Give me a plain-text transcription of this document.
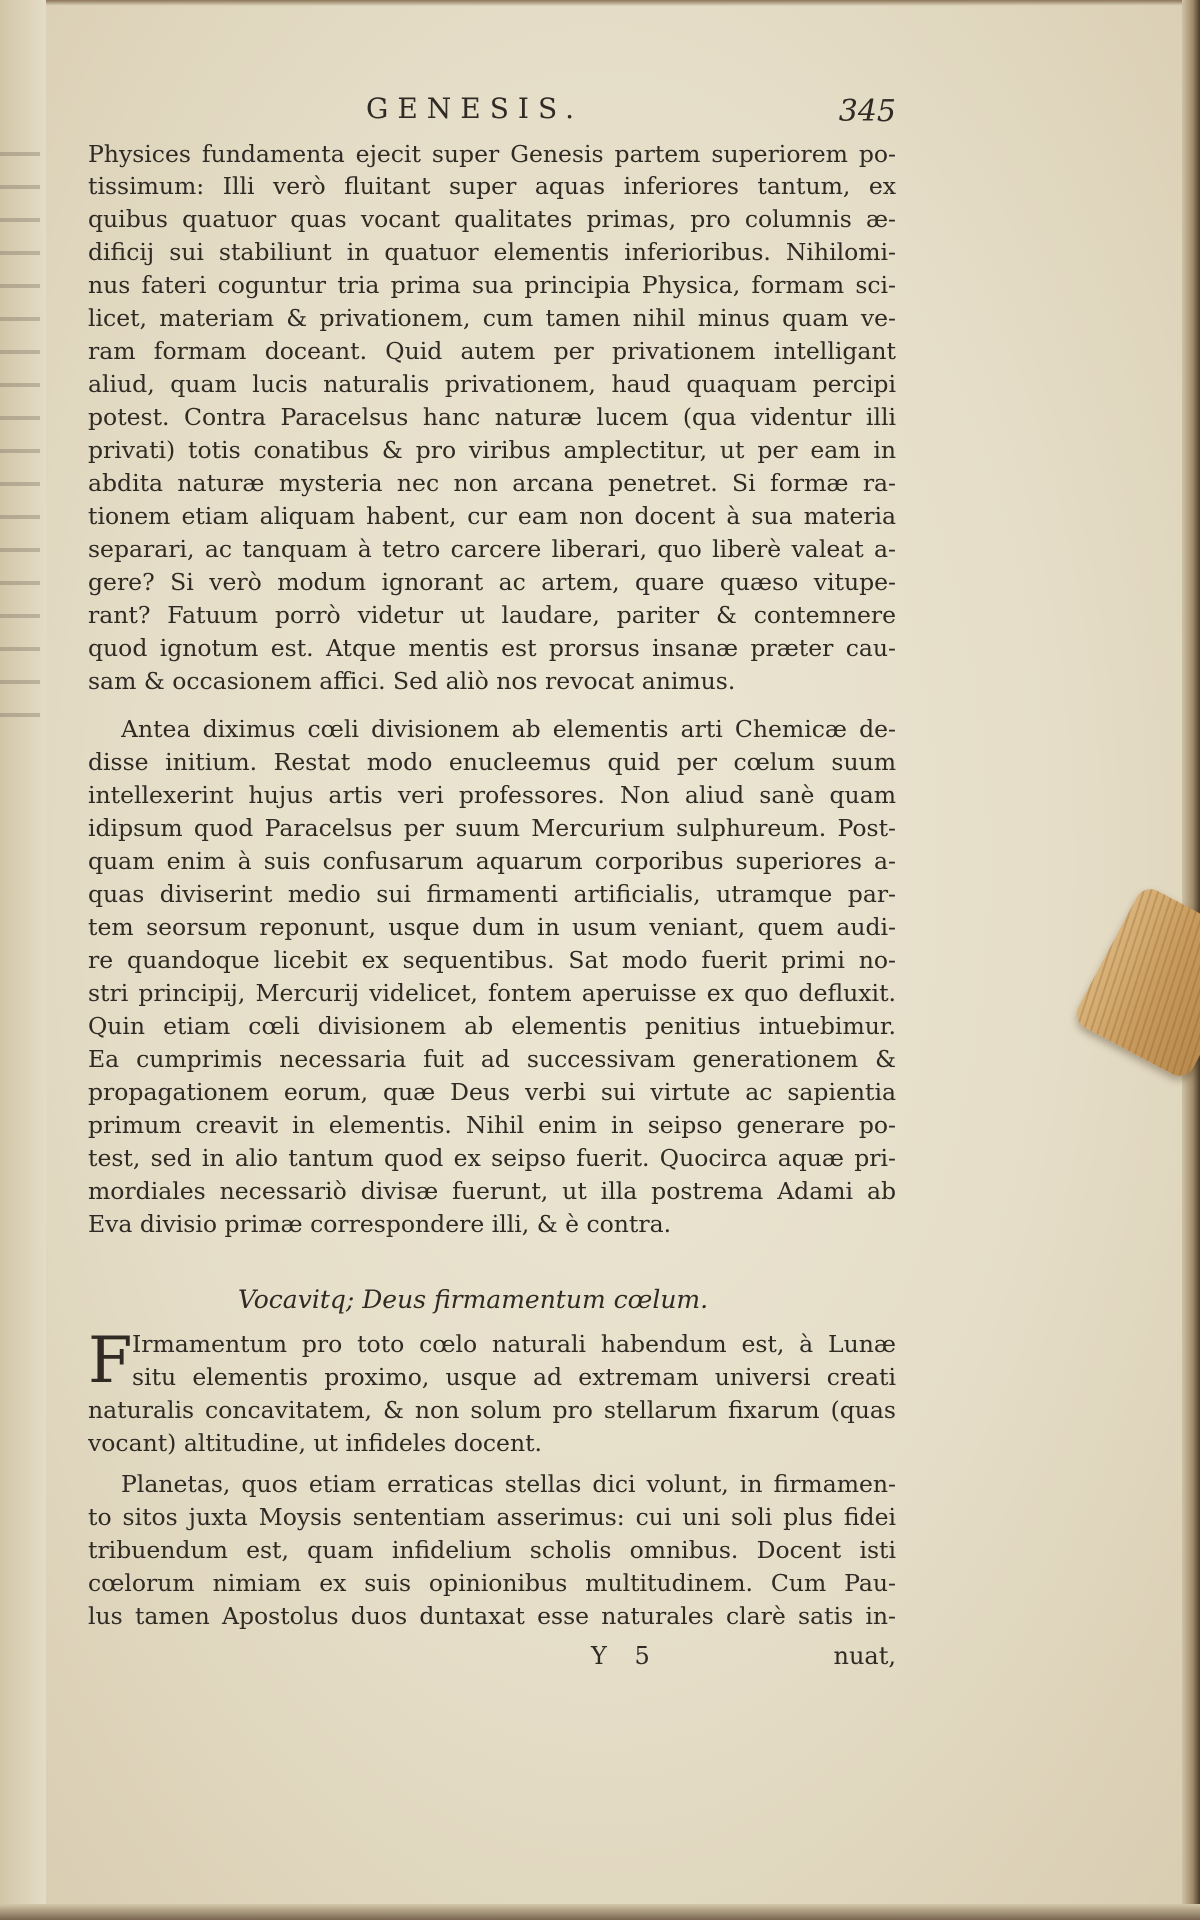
GENESIS.	345
Physices fundamenta ejecit super Genesis partem superiorem po-
tissimum: Illi verò fluitant super aquas inferiores tantum, ex
quibus quatuor quas vocant qualitates primas, pro columnis æ-
dificij sui stabiliunt in quatuor elementis inferioribus. Nihilomi-
nus fateri coguntur tria prima sua principia Physica, formam sci-
licet, materiam & privationem, cum tamen nihil minus quam ve-
ram formam doceant. Quid autem per privationem intelligant
aliud, quam lucis naturalis privationem, haud quaquam percipi
potest. Contra Paracelsus hanc naturæ lucem (qua videntur illi
privati) totis conatibus & pro viribus amplectitur, ut per eam in
abdita naturæ mysteria nec non arcana penetret. Si formæ ra-
tionem etiam aliquam habent, cur eam non docent à sua materia
separari, ac tanquam à tetro carcere liberari, quo liberè valeat a-
gere? Si verò modum ignorant ac artem, quare quæso vitupe-
rant? Fatuum porrò videtur ut laudare, pariter & contemnere
quod ignotum est. Atque mentis est prorsus insanæ præter cau-
sam & occasionem affici. Sed aliò nos revocat animus.
Antea diximus cœli divisionem ab elementis arti Chemicæ de-
disse initium. Restat modo enucleemus quid per cœlum suum
intellexerint hujus artis veri professores. Non aliud sanè quam
idipsum quod Paracelsus per suum Mercurium sulphureum. Post-
quam enim à suis confusarum aquarum corporibus superiores a-
quas diviserint medio sui firmamenti artificialis, utramque par-
tem seorsum reponunt, usque dum in usum veniant, quem audi-
re quandoque licebit ex sequentibus. Sat modo fuerit primi no-
stri principij, Mercurij videlicet, fontem aperuisse ex quo defluxit.
Quin etiam cœli divisionem ab elementis penitius intuebimur.
Ea cumprimis necessaria fuit ad successivam generationem &
propagationem eorum, quæ Deus verbi sui virtute ac sapientia
primum creavit in elementis. Nihil enim in seipso generare po-
test, sed in alio tantum quod ex seipso fuerit. Quocirca aquæ pri-
mordiales necessariò divisæ fuerunt, ut illa postrema Adami ab
Eva divisio primæ correspondere illi, & è contra.
Vocavitq; Deus firmamentum cœlum.
F Irmamentum pro toto cœlo naturali habendum est, à Lunæ
situ elementis proximo, usque ad extremam universi creati
naturalis concavitatem, & non solum pro stellarum fixarum (quas
vocant) altitudine, ut infideles docent.
Planetas, quos etiam erraticas stellas dici volunt, in firmamen-
to sitos juxta Moysis sententiam asserimus: cui uni soli plus fidei
tribuendum est, quam infidelium scholis omnibus. Docent isti
cœlorum nimiam ex suis opinionibus multitudinem. Cum Pau-
lus tamen Apostolus duos duntaxat esse naturales clarè satis in-
Y 5	nuat,
